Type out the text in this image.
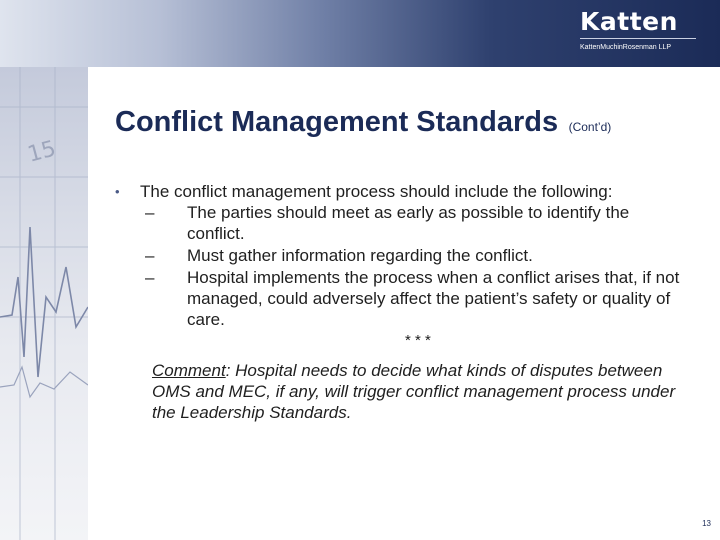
Katten
KattenMuchinRosenman LLP
15
Conflict Management Standards (Cont’d)
•	The conflict management process should include the following:
–	The parties should meet as early as possible to identify the conflict.
–	Must gather information regarding the conflict.
–	Hospital implements the process when a conflict arises that, if not managed, could adversely affect the patient’s safety or quality of care.
* * *
Comment: Hospital needs to decide what kinds of disputes between OMS and MEC, if any, will trigger conflict management process under the Leadership Standards.
13
